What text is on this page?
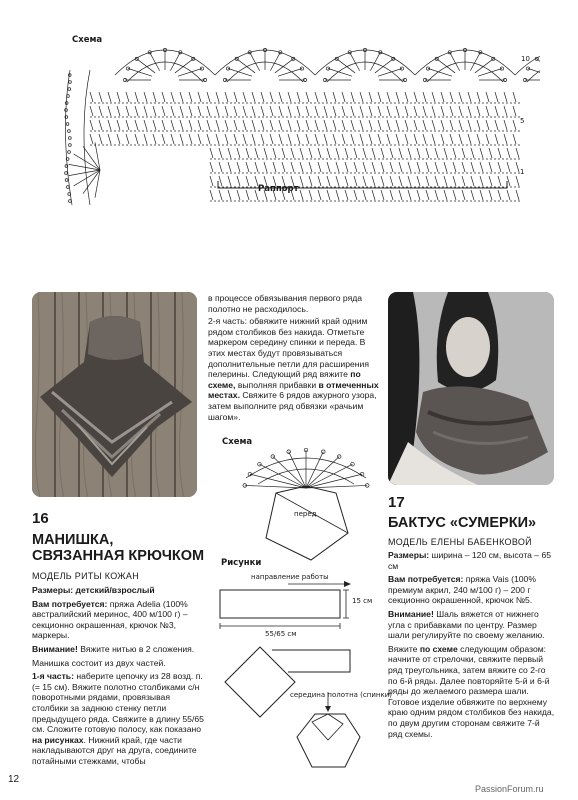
Схема
10
5
1
Раппорт
16
МАНИШКА, СВЯЗАННАЯ КРЮЧКОМ
МОДЕЛЬ РИТЫ КОЖАН

Размеры: детский/взрослый

Вам потребуется: пряжа Adelia (100% австралийский меринос, 400 м/100 г) – секционно окрашенная, крючок №3, маркеры.

Внимание! Вяжите нитью в 2 сложения.

Манишка состоит из двух частей.

1-я часть: наберите цепочку из 28 возд. п. (= 15 см). Вяжите полотно столбиками с/н поворотными рядами, провязывая столбики за заднюю стенку петли предыдущего ряда. Свяжите в длину 55/65 см. Сложите готовую полосу, как показано на рисунках. Нижний край, где части накладываются друг на друга, соедините потайными стежками, чтобы

в процессе обвязывания первого ряда полотно не расходилось.

2-я часть: обвяжите нижний край одним рядом столбиков без накида. Отметьте маркером середину спинки и переда. В этих местах будут провязываться дополнительные петли для расширения пелерины. Следующий ряд вяжите по схеме, выполняя прибавки в отмеченных местах. Свяжите 6 рядов ажурного узора, затем выполните ряд обвязки «рачьим шагом».

Схема
перед
Рисунки
направление работы
15 см
55/65 см
середина полотна (спинки)
17
БАКТУС «СУМЕРКИ»
МОДЕЛЬ ЕЛЕНЫ БАБЕНКОВОЙ

Размеры: ширина – 120 см, высота – 65 см

Вам потребуется: пряжа Vais (100% премиум акрил, 240 м/100 г) – 200 г секционно окрашенной, крючок №5.

Внимание! Шаль вяжется от нижнего угла с прибавками по центру. Размер шали регулируйте по своему желанию.

Вяжите по схеме следующим образом: начните от стрелочки, свяжите первый ряд треугольника, затем вяжите со 2-го по 6-й ряды. Далее повторяйте 5-й и 6-й ряды до желаемого размера шали. Готовое изделие обвяжите по верхнему краю одним рядом столбиков без накида, по двум другим сторонам свяжите 7-й ряд схемы.

12
PassionForum.ru
